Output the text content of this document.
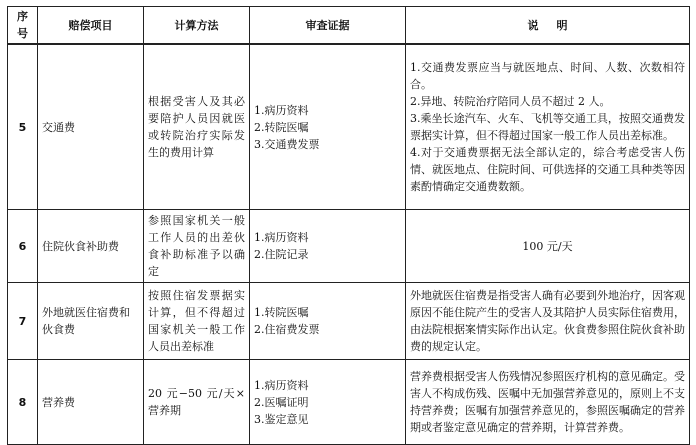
序号	赔偿项目	计算方法	审查证据	说 明
5	交通费	根据受害人及其必要陪护人员因就医或转院治疗实际发生的费用计算	1.病历资料
2.转院医嘱
3.交通费发票	1.交通费发票应当与就医地点、时间、人数、次数相符合。
2.异地、转院治疗陪同人员不超过 2 人。
3.乘坐长途汽车、火车、飞机等交通工具，按照交通费发票据实计算，但不得超过国家一般工作人员出差标准。
4.对于交通费票据无法全部认定的，综合考虑受害人伤情、就医地点、住院时间、可供选择的交通工具种类等因素酌情确定交通费数额。

6	住院伙食补助费	参照国家机关一般工作人员的出差伙食补助标准予以确定	1.病历资料
2.住院记录	100 元/天

7	外地就医住宿费和伙食费	按照住宿发票据实计算，但不得超过国家机关一般工作人员出差标准	1.转院医嘱
2.住宿费发票	外地就医住宿费是指受害人确有必要到外地治疗，因客观原因不能住院产生的受害人及其陪护人员实际住宿费用，由法院根据案情实际作出认定。伙食费参照住院伙食补助费的规定认定。

8	营养费	20 元−50 元/天×营养期	1.病历资料
2.医嘱证明
3.鉴定意见	营养费根据受害人伤残情况参照医疗机构的意见确定。受害人不构成伤残、医嘱中无加强营养意见的，原则上不支持营养费；医嘱有加强营养意见的，参照医嘱确定的营养期或者鉴定意见确定的营养期，计算营养费。
